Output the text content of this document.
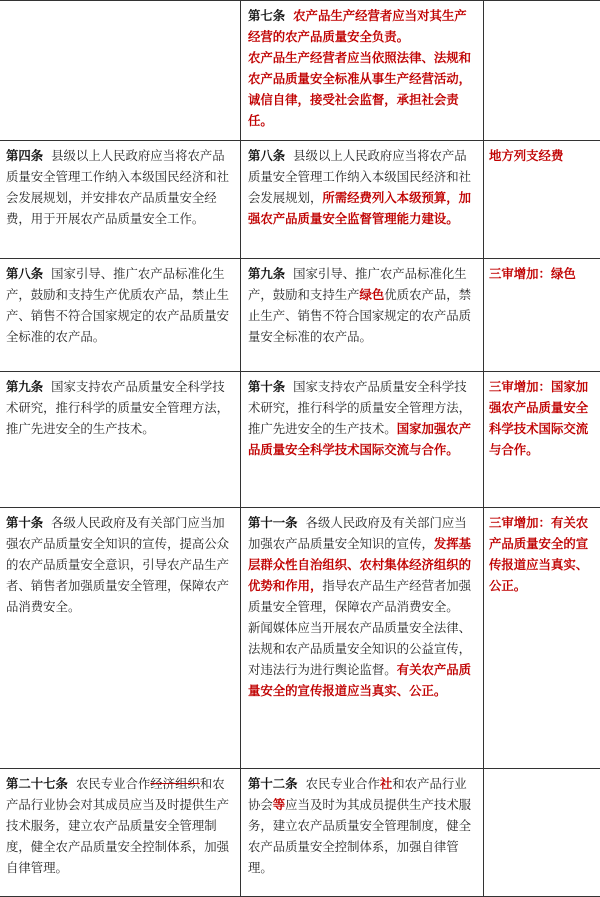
第七条 农产品生产经营者应当对其生产经营的农产品质量安全负责。
农产品生产经营者应当依照法律、法规和农产品质量安全标准从事生产经营活动，诚信自律，接受社会监督，承担社会责任。
第四条 县级以上人民政府应当将农产品质量安全管理工作纳入本级国民经济和社会发展规划，并安排农产品质量安全经费，用于开展农产品质量安全工作。
第八条 县级以上人民政府应当将农产品质量安全管理工作纳入本级国民经济和社会发展规划，所需经费列入本级预算，加强农产品质量安全监督管理能力建设。
地方列支经费
第八条 国家引导、推广农产品标准化生产，鼓励和支持生产优质农产品，禁止生产、销售不符合国家规定的农产品质量安全标准的农产品。
第九条 国家引导、推广农产品标准化生产，鼓励和支持生产绿色优质农产品，禁止生产、销售不符合国家规定的农产品质量安全标准的农产品。
三审增加：绿色
第九条 国家支持农产品质量安全科学技术研究，推行科学的质量安全管理方法，推广先进安全的生产技术。
第十条 国家支持农产品质量安全科学技术研究，推行科学的质量安全管理方法，推广先进安全的生产技术。国家加强农产品质量安全科学技术国际交流与合作。
三审增加：国家加强农产品质量安全科学技术国际交流与合作。
第十条 各级人民政府及有关部门应当加强农产品质量安全知识的宣传，提高公众的农产品质量安全意识，引导农产品生产者、销售者加强质量安全管理，保障农产品消费安全。
第十一条 各级人民政府及有关部门应当加强农产品质量安全知识的宣传，发挥基层群众性自治组织、农村集体经济组织的优势和作用，指导农产品生产经营者加强质量安全管理，保障农产品消费安全。
新闻媒体应当开展农产品质量安全法律、法规和农产品质量安全知识的公益宣传，对违法行为进行舆论监督。有关农产品质量安全的宣传报道应当真实、公正。
三审增加：有关农产品质量安全的宣传报道应当真实、公正。
第二十七条 农民专业合作经济组织和农产品行业协会对其成员应当及时提供生产技术服务，建立农产品质量安全管理制度，健全农产品质量安全控制体系，加强自律管理。
第十二条 农民专业合作社和农产品行业协会等应当及时为其成员提供生产技术服务，建立农产品质量安全管理制度，健全农产品质量安全控制体系，加强自律管理。
